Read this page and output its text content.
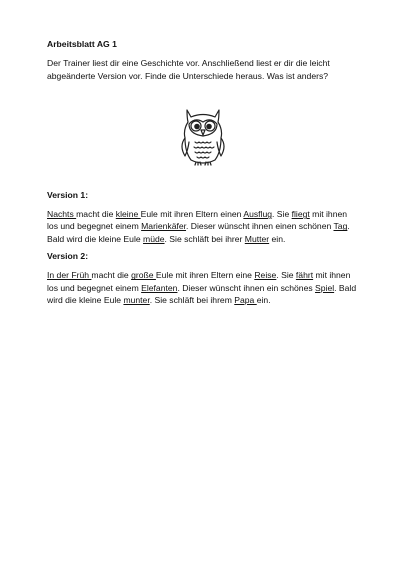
Arbeitsblatt AG 1

Der Trainer liest dir eine Geschichte vor. Anschließend liest er dir die leicht abgeänderte Version vor. Finde die Unterschiede heraus. Was ist anders?

Version 1:

Nachts macht die kleine Eule mit ihren Eltern einen Ausflug. Sie fliegt mit ihnen los und begegnet einem Marienkäfer. Dieser wünscht ihnen einen schönen Tag. Bald wird die kleine Eule müde. Sie schläft bei ihrer Mutter ein.

Version 2:

In der Früh macht die große Eule mit ihren Eltern eine Reise. Sie fährt mit ihnen los und begegnet einem Elefanten. Dieser wünscht ihnen ein schönes Spiel. Bald wird die kleine Eule munter. Sie schläft bei ihrem Papa ein.
